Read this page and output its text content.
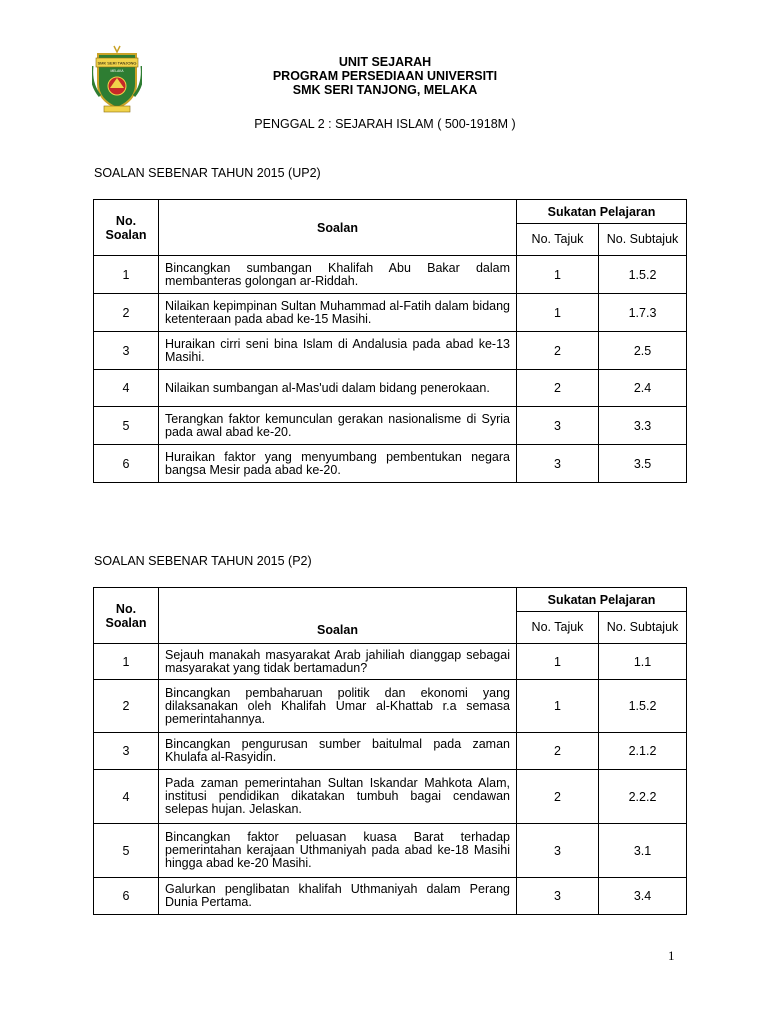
SMK SERI TANJONG
MELAKA
UNIT SEJARAH
PROGRAM PERSEDIAAN UNIVERSITI
SMK SERI TANJONG, MELAKA
PENGGAL 2 : SEJARAH ISLAM ( 500-1918M )
SOALAN SEBENAR TAHUN 2015 (UP2)
No. Soalan	Soalan	Sukatan Pelajaran	
		No. Tajuk	No. Subtajuk
1	Bincangkan sumbangan Khalifah Abu Bakar dalam membanteras golongan ar-Riddah.	1	1.5.2
2	Nilaikan kepimpinan Sultan Muhammad al-Fatih dalam bidang ketenteraan pada abad ke-15 Masihi.	1	1.7.3
3	Huraikan cirri seni bina Islam di Andalusia pada abad ke-13 Masihi.	2	2.5
4	Nilaikan sumbangan al-Mas'udi dalam bidang penerokaan.	2	2.4
5	Terangkan faktor kemunculan gerakan nasionalisme di Syria pada awal abad ke-20.	3	3.3
6	Huraikan faktor yang menyumbang pembentukan negara bangsa Mesir pada abad ke-20.	3	3.5
SOALAN SEBENAR TAHUN 2015 (P2)
No. Soalan	Soalan	Sukatan Pelajaran	
		No. Tajuk	No. Subtajuk
1	Sejauh manakah masyarakat Arab jahiliah dianggap sebagai masyarakat yang tidak bertamadun?	1	1.1
2	Bincangkan pembaharuan politik dan ekonomi yang dilaksanakan oleh Khalifah Umar al-Khattab r.a semasa pemerintahannya.	1	1.5.2
3	Bincangkan pengurusan sumber baitulmal pada zaman Khulafa al-Rasyidin.	2	2.1.2
4	Pada zaman pemerintahan Sultan Iskandar Mahkota Alam, institusi pendidikan dikatakan tumbuh bagai cendawan selepas hujan. Jelaskan.	2	2.2.2
5	Bincangkan faktor peluasan kuasa Barat terhadap pemerintahan kerajaan Uthmaniyah pada abad ke-18 Masihi hingga abad ke-20 Masihi.	3	3.1
6	Galurkan penglibatan khalifah Uthmaniyah dalam Perang Dunia Pertama.	3	3.4
1
